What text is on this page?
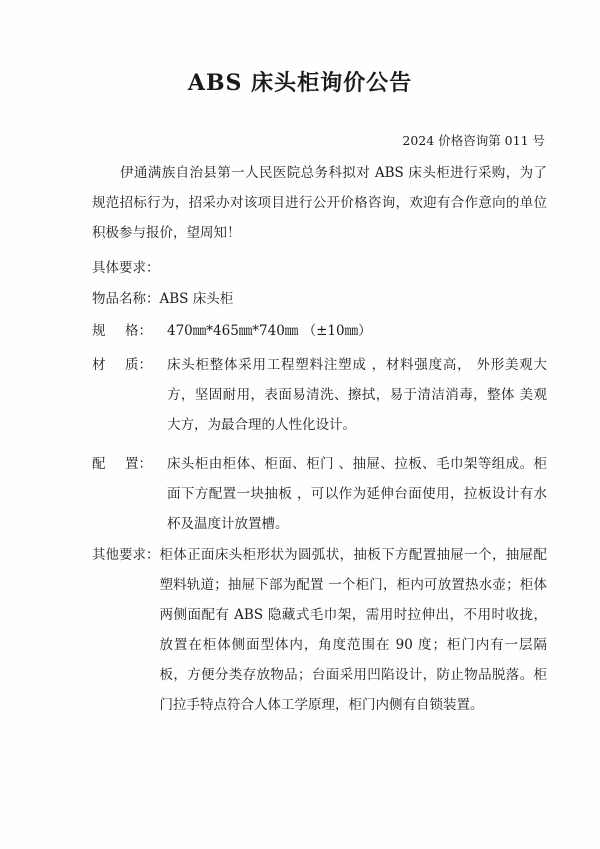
ABS 床头柜询价公告
2024 价格咨询第 011 号

伊通满族自治县第一人民医院总务科拟对 ABS 床头柜进行采购，为了规范招标行为，招采办对该项目进行公开价格咨询，欢迎有合作意向的单位积极参与报价，望周知！

具体要求：
物品名称： ABS 床头柜
规 格： 470㎜*465㎜*740㎜ （±10㎜）
材 质： 床头柜整体采用工程塑料注塑成 ，材料强度高， 外形美观大方，坚固耐用，表面易清洗、擦拭，易于清洁消毒，整体 美观大方，为最合理的人性化设计。
配 置： 床头柜由柜体、柜面、柜门 、抽屉、拉板、毛巾架等组成。柜面下方配置一块抽板 ，可以作为延伸台面使用，拉板设计有水杯及温度计放置槽。
其他要求： 柜体正面床头柜形状为圆弧状，抽板下方配置抽屉一个，抽屉配塑料轨道；抽屉下部为配置 一个柜门，柜内可放置热水壶；柜体两侧面配有 ABS 隐藏式毛巾架，需用时拉伸出，不用时收拢，放置在柜体侧面型体内，角度范围在 90 度；柜门内有一层隔板，方便分类存放物品；台面采用凹陷设计，防止物品脱落。柜门拉手特点符合人体工学原理，柜门内侧有自锁装置。
